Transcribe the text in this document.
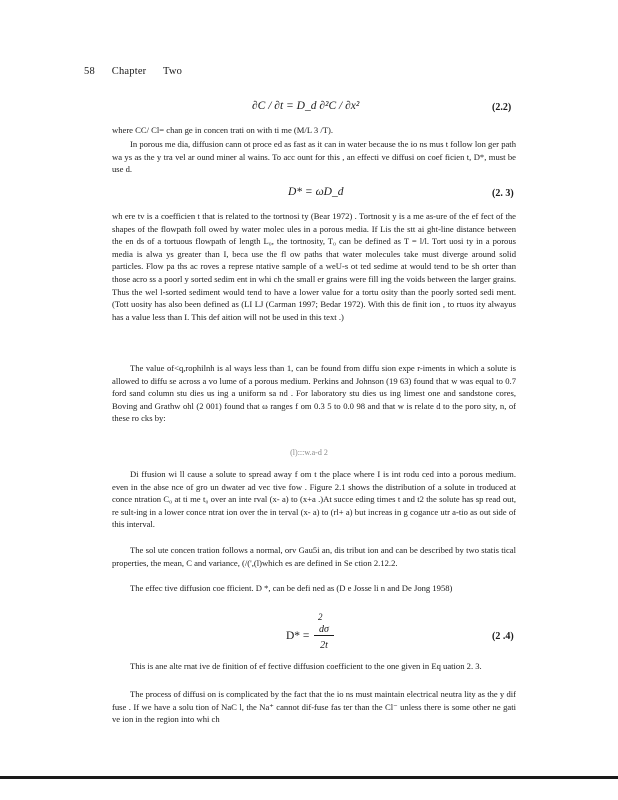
58 Chapter Two
∂C / ∂t = D_d ∂²C / ∂x²	(2.2)

where CC/ Cl= chan ge in concen trati on with ti me (M/L 3 /T).

In porous me dia, diffusion cann ot proce ed as fast as it can in water because the io ns mus t follow lon ger path wa ys as the y tra vel ar ound miner al wains. To acc ount for this , an effecti ve diffusi on coef ficien t, D*, must be use d.

D* = ωD_d	(2. 3)

wh ere tv is a coefficien t that is related to the tortnosi ty (Bear 1972) . Tortnosit y is a me as-ure of the ef fect of the shapes of the flowpath foll owed by water molec ules in a porous media. If Lis the stt ai ght-line distance between the en ds of a tortuous flowpath of length L₀, the tortnosity, T₀ can be defined as T = l/l. Tort uosi ty in a porous media is alwa ys greater than I, beca use the fl ow paths that water molecules take must diverge around solid particles. Flow pa ths ac roves a represe ntative sample of a weU-s ot ted sedime at would tend to be sh orter than those acro ss a poorl y sorted sedim ent in whi ch the small er grains were fill ing the voids between the larger grains. Thus the wel l-sorted sediment would tend to have a lower value for a tortu osity than the poorly sorted sedi ment. (Tott uosity has also been defined as (LI LJ (Carman 1997; Bedar 1972). With this de finit ion , to rtuos ity alwayus has a value less than I. This def aition will not be used in this text .)

The value of<q,rophilnh is al ways less than 1, can be found from diffu sion expe r-iments in which a solute is allowed to diffu se across a vo lume of a porous medium. Perkins and Johnson (19 63) found that w was equal to 0.7 ford sand column stu dies us ing a uniform sa nd . For laboratory stu dies us ing limest one and sandstone cores, Boving and Grathw ohl (2 001) found that ω ranges f om 0.3 5 to 0.0 98 and that w is relate d to the poro sity, n, of these ro cks by:

(l):::w.a-d 2

Di ffusion wi ll cause a solute to spread away f om t the place where I is int rodu ced into a porous medium. even in the abse nce of gro un dwater ad vec tive fow . Figure 2.1 shows the distribution of a solute in troduced at conce ntration C₀ at ti me t₀ over an inte rval (x- a) to (x+a .)At succe eding times t and t2 the solute has sp read out, re sult-ing in a lower conce ntrat ion over the in terval (x- a) to (rl+ a) but increas in g cogance utr a-tio as out side of this interval.

The sol ute concen tration follows a normal, orv Gau5i an, dis tribut ion and can be described by two statis tical properties, the mean, C and variance, (/(',(l)which es are defined in Se ction 2.12.2.

The effec tive diffusion coe fficient. D *, can be defi ned as (D e Josse li n and De Jong 1958)

2
D* =
dσ
2t
(2 .4)

This is ane alte rnat ive de finition of ef fective diffusion coefficient to the one given in Eq uation 2. 3.

The process of diffusi on is complicated by the fact that the io ns must maintain electrical neutra lity as the y dif fuse . If we have a solu tion of NaC l, the Na⁺ cannot dif-fuse fas ter than the Cl⁻ unless there is some other ne gati ve ion in the region into whi ch
